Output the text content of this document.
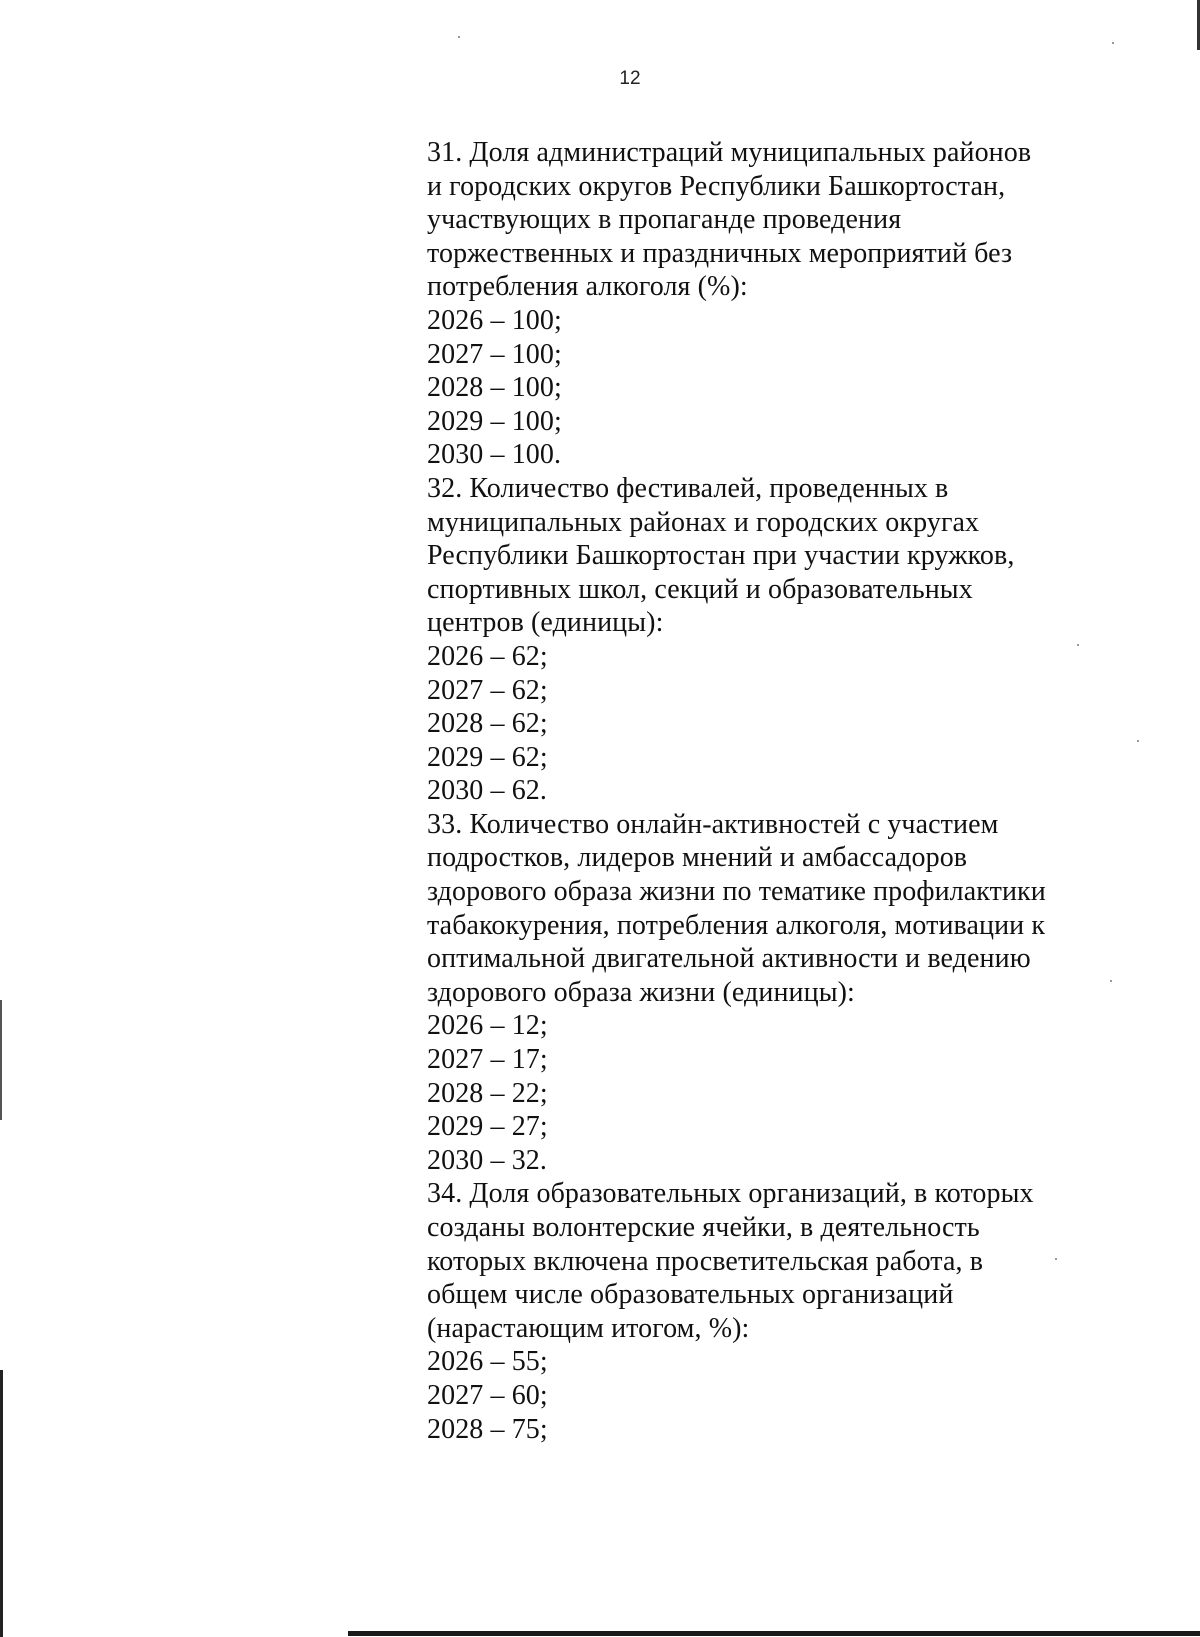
12
31. Доля администраций муниципальных районов
и городских округов Республики Башкортостан,
участвующих в пропаганде проведения
торжественных и праздничных мероприятий без
потребления алкоголя (%):
2026 – 100;
2027 – 100;
2028 – 100;
2029 – 100;
2030 – 100.
32. Количество фестивалей, проведенных в
муниципальных районах и городских округах
Республики Башкортостан при участии кружков,
спортивных школ, секций и образовательных
центров (единицы):
2026 – 62;
2027 – 62;
2028 – 62;
2029 – 62;
2030 – 62.
33. Количество онлайн-активностей с участием
подростков, лидеров мнений и амбассадоров
здорового образа жизни по тематике профилактики
табакокурения, потребления алкоголя, мотивации к
оптимальной двигательной активности и ведению
здорового образа жизни (единицы):
2026 – 12;
2027 – 17;
2028 – 22;
2029 – 27;
2030 – 32.
34. Доля образовательных организаций, в которых
созданы волонтерские ячейки, в деятельность
которых включена просветительская работа, в
общем числе образовательных организаций
(нарастающим итогом, %):
2026 – 55;
2027 – 60;
2028 – 75;
